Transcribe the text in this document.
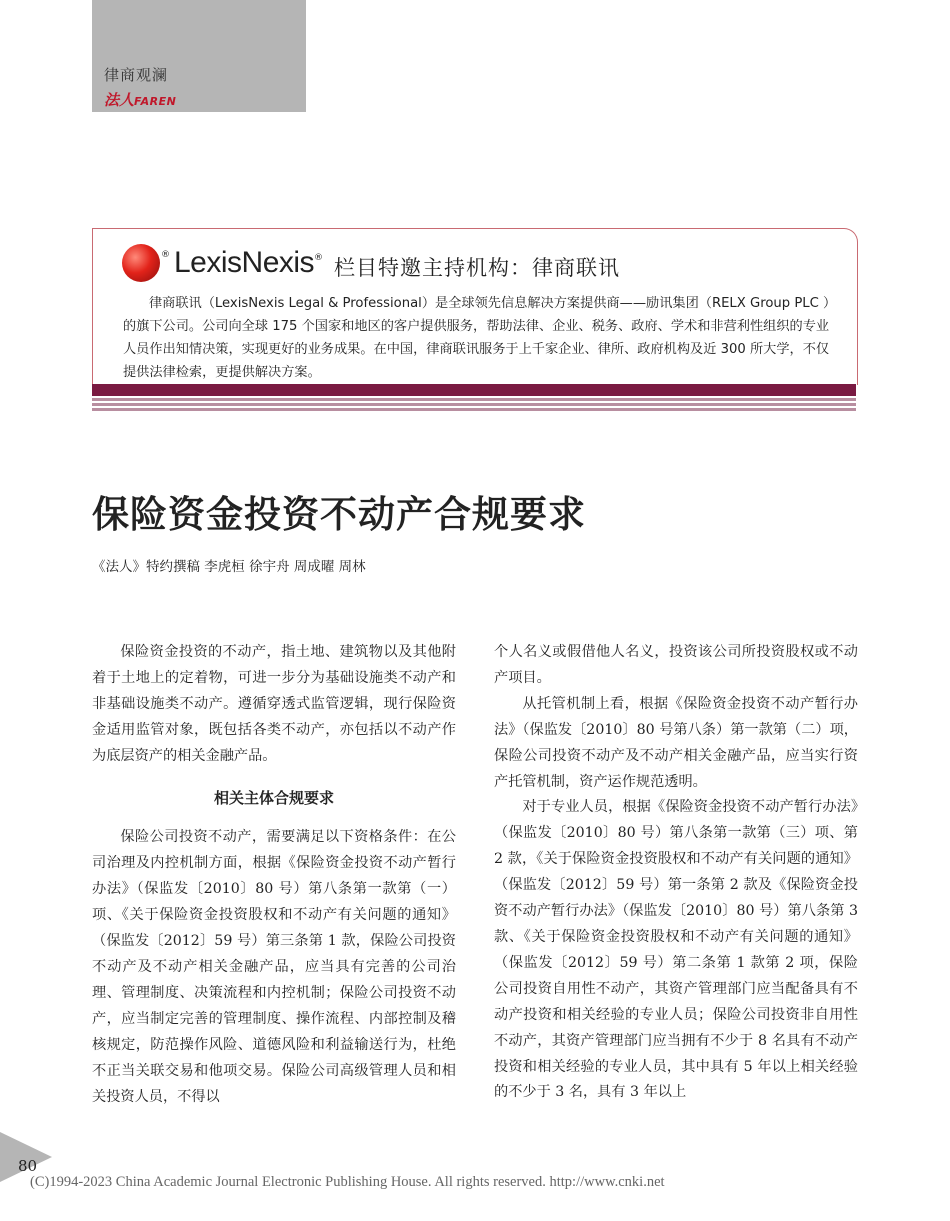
律商观澜
法人FAREN
® LexisNexis ® 栏目特邀主持机构：律商联讯

律商联讯（LexisNexis Legal & Professional）是全球领先信息解决方案提供商——励讯集团（RELX Group PLC ）的旗下公司。公司向全球 175 个国家和地区的客户提供服务，帮助法律、企业、税务、政府、学术和非营利性组织的专业人员作出知情决策，实现更好的业务成果。在中国，律商联讯服务于上千家企业、律所、政府机构及近 300 所大学，不仅提供法律检索，更提供解决方案。

保险资金投资不动产合规要求
《法人》特约撰稿 李虎桓 徐宇舟 周成曜 周林

保险资金投资的不动产，指土地、建筑物以及其他附着于土地上的定着物，可进一步分为基础设施类不动产和非基础设施类不动产。遵循穿透式监管逻辑，现行保险资金适用监管对象，既包括各类不动产，亦包括以不动产作为底层资产的相关金融产品。

相关主体合规要求

保险公司投资不动产，需要满足以下资格条件：在公司治理及内控机制方面，根据《保险资金投资不动产暂行办法》（保监发〔2010〕80 号）第八条第一款第（一）项、《关于保险资金投资股权和不动产有关问题的通知》（保监发〔2012〕59 号）第三条第 1 款，保险公司投资不动产及不动产相关金融产品，应当具有完善的公司治理、管理制度、决策流程和内控机制；保险公司投资不动产，应当制定完善的管理制度、操作流程、内部控制及稽核规定，防范操作风险、道德风险和利益输送行为，杜绝不正当关联交易和他项交易。保险公司高级管理人员和相关投资人员，不得以

个人名义或假借他人名义，投资该公司所投资股权或不动产项目。

从托管机制上看，根据《保险资金投资不动产暂行办法》（保监发〔2010〕80 号第八条）第一款第（二）项，保险公司投资不动产及不动产相关金融产品，应当实行资产托管机制，资产运作规范透明。

对于专业人员，根据《保险资金投资不动产暂行办法》（保监发〔2010〕80 号）第八条第一款第（三）项、第 2 款，《关于保险资金投资股权和不动产有关问题的通知》（保监发〔2012〕59 号）第一条第 2 款及《保险资金投资不动产暂行办法》（保监发〔2010〕80 号）第八条第 3 款、《关于保险资金投资股权和不动产有关问题的通知》（保监发〔2012〕59 号）第二条第 1 款第 2 项，保险公司投资自用性不动产，其资产管理部门应当配备具有不动产投资和相关经验的专业人员；保险公司投资非自用性不动产，其资产管理部门应当拥有不少于 8 名具有不动产投资和相关经验的专业人员，其中具有 5 年以上相关经验的不少于 3 名，具有 3 年以上

80
(C)1994-2023 China Academic Journal Electronic Publishing House. All rights reserved. http://www.cnki.net
